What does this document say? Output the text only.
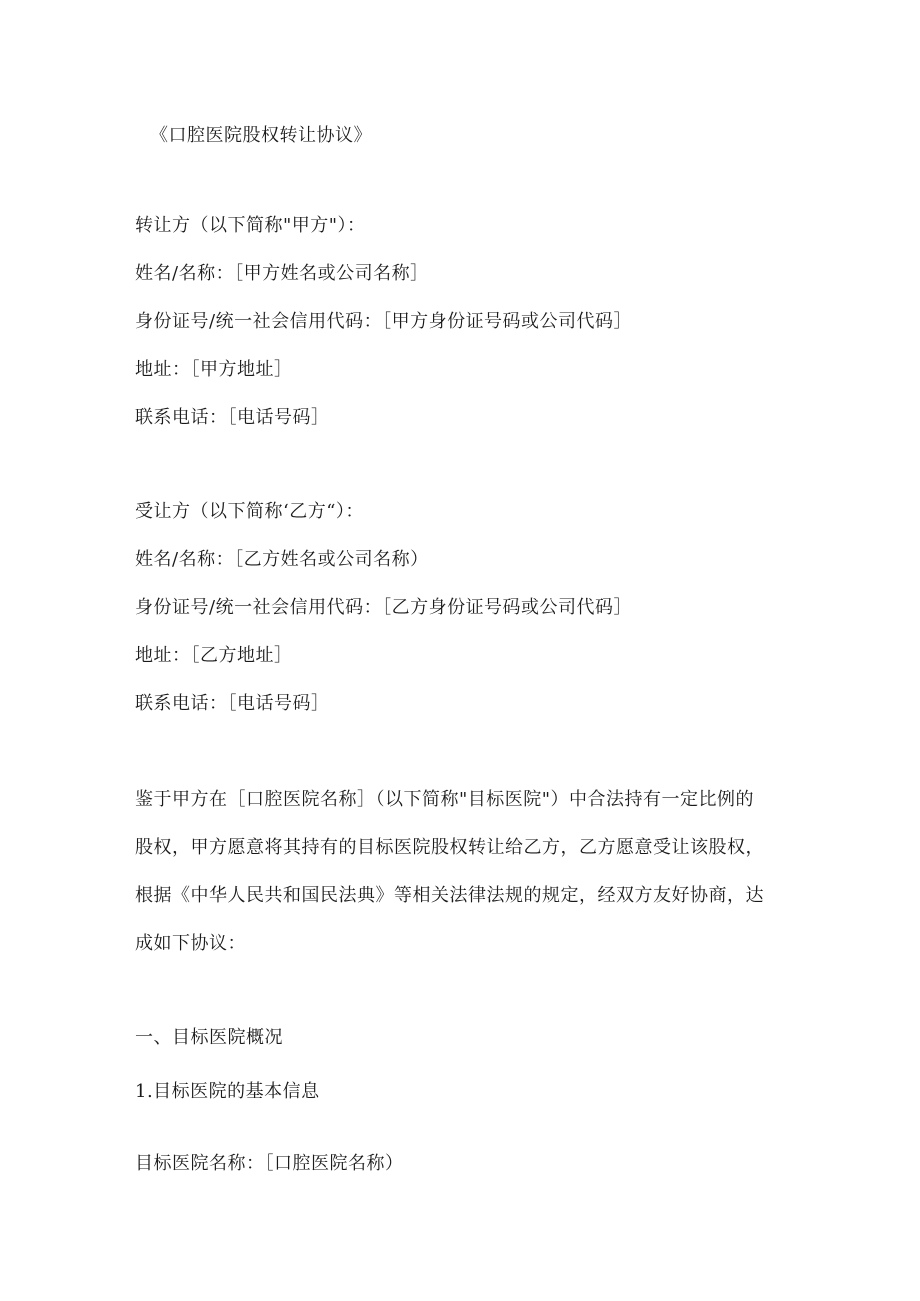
《口腔医院股权转让协议》
转让方（以下简称"甲方"）：
姓名/名称：［甲方姓名或公司名称］
身份证号/统一社会信用代码：［甲方身份证号码或公司代码］
地址：［甲方地址］
联系电话：［电话号码］
受让方（以下简称‘乙方“）：
姓名/名称：［乙方姓名或公司名称）
身份证号/统一社会信用代码：［乙方身份证号码或公司代码］
地址：［乙方地址］
联系电话：［电话号码］
鉴于甲方在［口腔医院名称］（以下简称"目标医院"）中合法持有一定比例的
股权，甲方愿意将其持有的目标医院股权转让给乙方，乙方愿意受让该股权，
根据《中华人民共和国民法典》等相关法律法规的规定，经双方友好协商，达
成如下协议：
一、目标医院概况
1.目标医院的基本信息
目标医院名称：［口腔医院名称）
